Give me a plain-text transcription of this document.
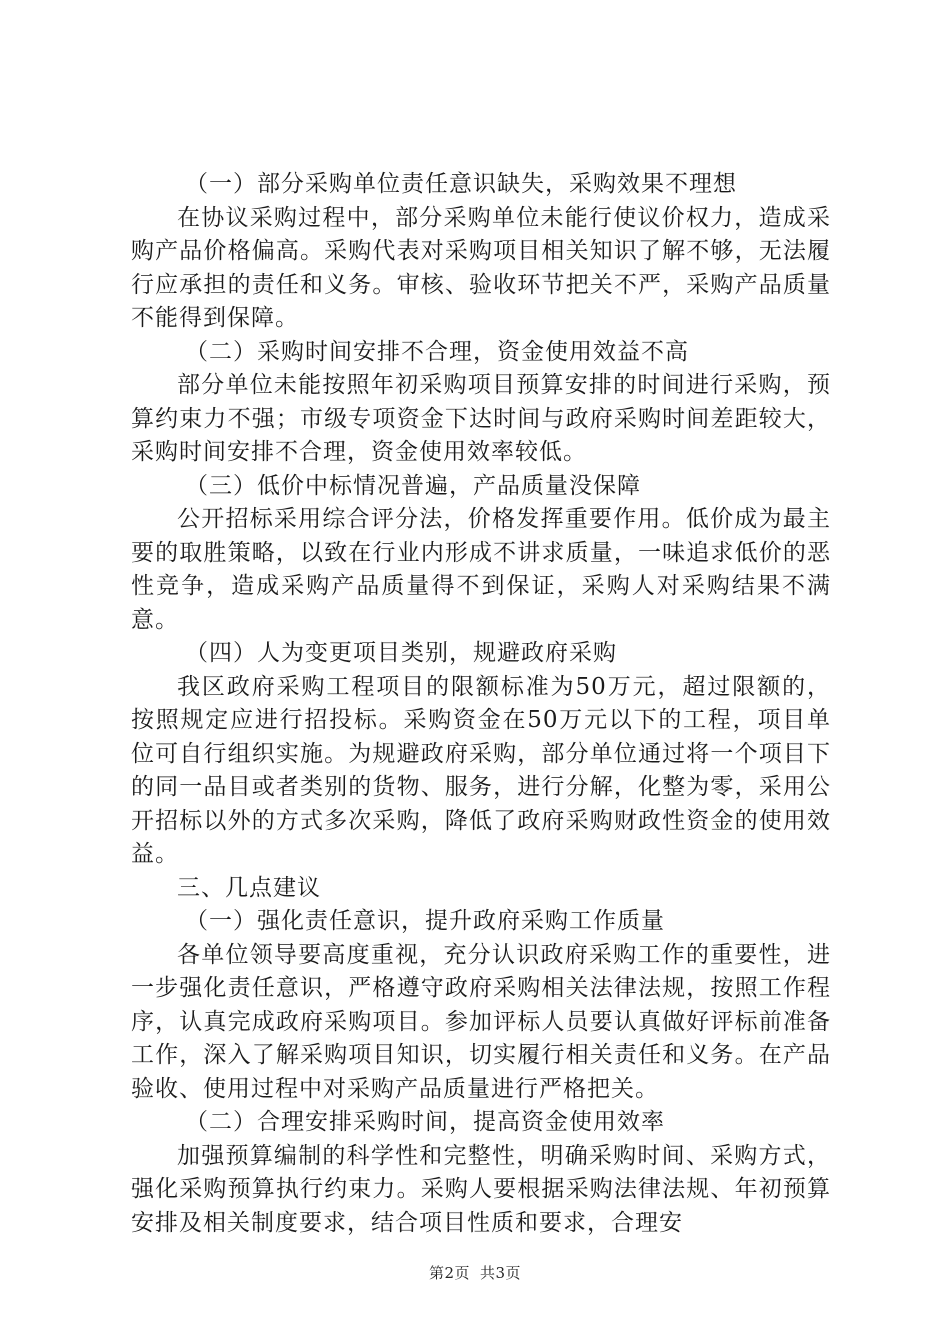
（一）部分采购单位责任意识缺失，采购效果不理想

在协议采购过程中，部分采购单位未能行使议价权力，造成采购产品价格偏高。采购代表对采购项目相关知识了解不够，无法履行应承担的责任和义务。审核、验收环节把关不严，采购产品质量不能得到保障。

（二）采购时间安排不合理，资金使用效益不高

部分单位未能按照年初采购项目预算安排的时间进行采购，预算约束力不强；市级专项资金下达时间与政府采购时间差距较大，采购时间安排不合理，资金使用效率较低。

（三）低价中标情况普遍，产品质量没保障

公开招标采用综合评分法，价格发挥重要作用。低价成为最主要的取胜策略，以致在行业内形成不讲求质量，一味追求低价的恶性竞争，造成采购产品质量得不到保证，采购人对采购结果不满意。

（四）人为变更项目类别，规避政府采购

我区政府采购工程项目的限额标准为50万元，超过限额的，按照规定应进行招投标。采购资金在50万元以下的工程，项目单位可自行组织实施。为规避政府采购，部分单位通过将一个项目下的同一品目或者类别的货物、服务，进行分解，化整为零，采用公开招标以外的方式多次采购，降低了政府采购财政性资金的使用效益。

三、几点建议

（一）强化责任意识，提升政府采购工作质量

各单位领导要高度重视，充分认识政府采购工作的重要性，进一步强化责任意识，严格遵守政府采购相关法律法规，按照工作程序，认真完成政府采购项目。参加评标人员要认真做好评标前准备工作，深入了解采购项目知识，切实履行相关责任和义务。在产品验收、使用过程中对采购产品质量进行严格把关。

（二）合理安排采购时间，提高资金使用效率

加强预算编制的科学性和完整性，明确采购时间、采购方式，强化采购预算执行约束力。采购人要根据采购法律法规、年初预算安排及相关制度要求，结合项目性质和要求，合理安

第2页 共3页
